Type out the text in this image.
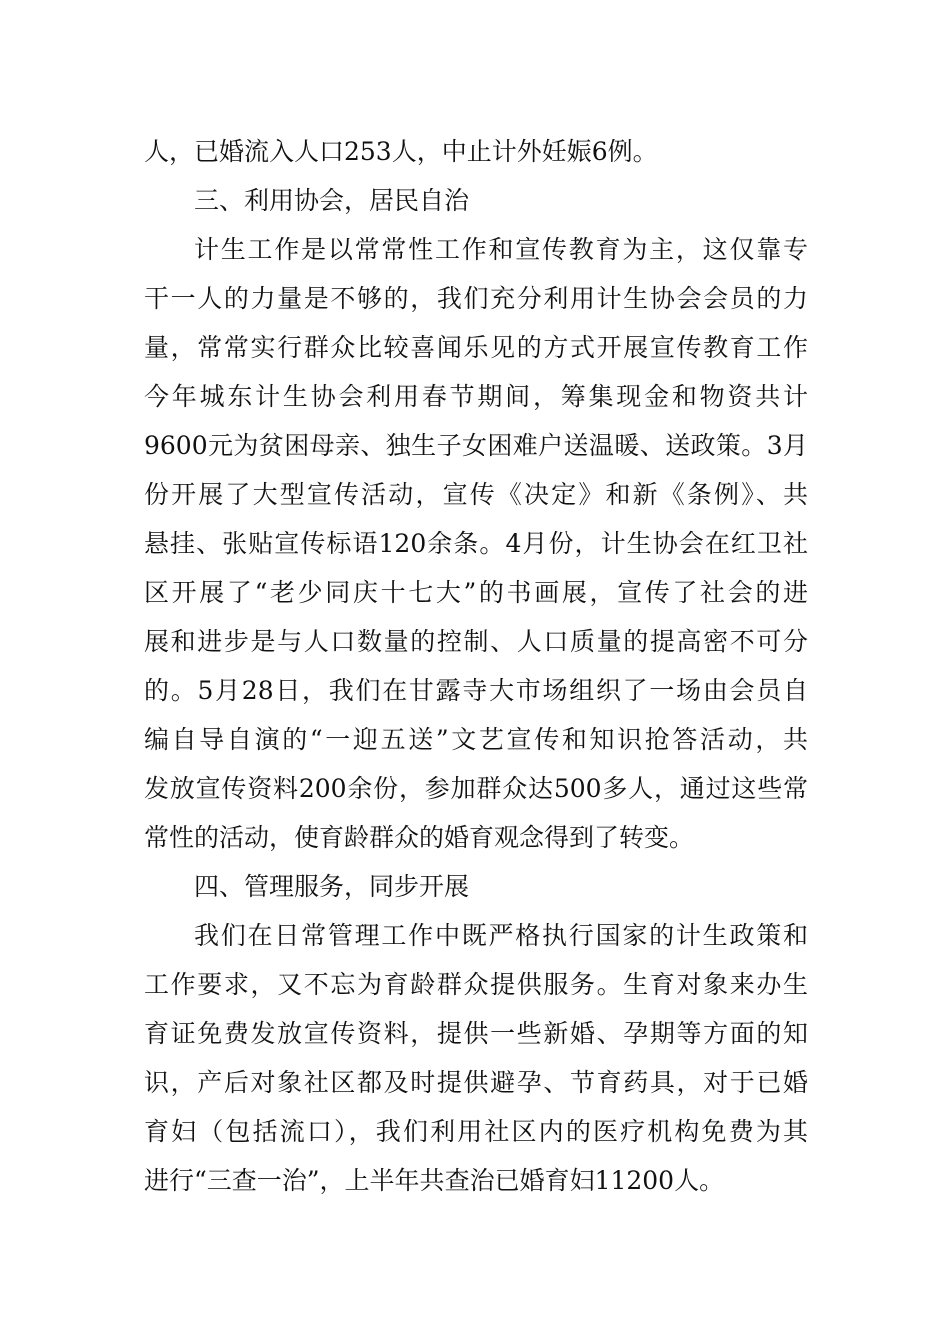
人，已婚流入人口253人，中止计外妊娠6例。
三、利用协会，居民自治
计生工作是以常常性工作和宣传教育为主，这仅靠专
干一人的力量是不够的，我们充分利用计生协会会员的力
量，常常实行群众比较喜闻乐见的方式开展宣传教育工作
今年城东计生协会利用春节期间，筹集现金和物资共计
9600元为贫困母亲、独生子女困难户送温暖、送政策。3月
份开展了大型宣传活动，宣传《决定》和新《条例》、共
悬挂、张贴宣传标语120余条。4月份，计生协会在红卫社
区开展了“老少同庆十七大”的书画展，宣传了社会的进
展和进步是与人口数量的控制、人口质量的提高密不可分
的。5月28日，我们在甘露寺大市场组织了一场由会员自
编自导自演的“一迎五送”文艺宣传和知识抢答活动，共
发放宣传资料200余份，参加群众达500多人，通过这些常
常性的活动，使育龄群众的婚育观念得到了转变。
四、管理服务，同步开展
我们在日常管理工作中既严格执行国家的计生政策和
工作要求，又不忘为育龄群众提供服务。生育对象来办生
育证免费发放宣传资料，提供一些新婚、孕期等方面的知
识，产后对象社区都及时提供避孕、节育药具，对于已婚
育妇（包括流口），我们利用社区内的医疗机构免费为其
进行“三查一治”，上半年共查治已婚育妇11200人。
